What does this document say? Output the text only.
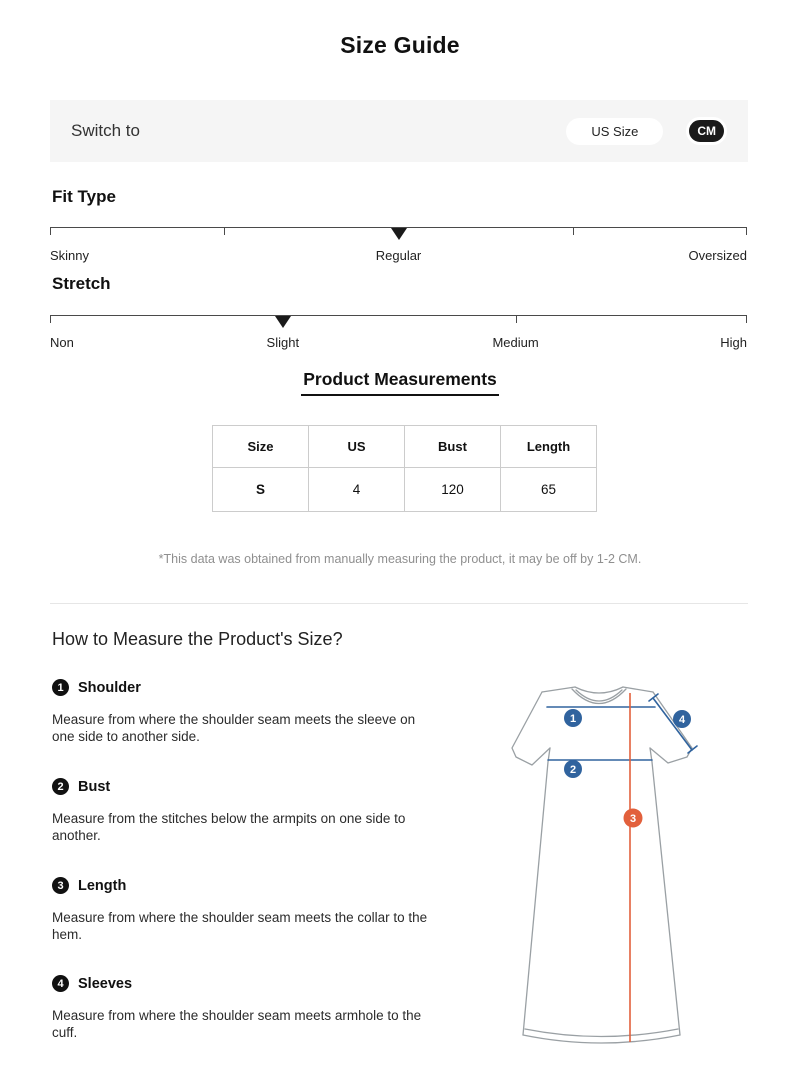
Size Guide
Switch to	US Size	CM
Fit Type
Skinny	Regular	Oversized
Stretch
Non	Slight	Medium	High
Product Measurements
Size	US	Bust	Length
S	4	120	65
*This data was obtained from manually measuring the product, it may be off by 1-2 CM.
How to Measure the Product's Size?
1 Shoulder
Measure from where the shoulder seam meets the sleeve on
one side to another side.
2 Bust
Measure from the stitches below the armpits on one side to
another.
3 Length
Measure from where the shoulder seam meets the collar to the
hem.
4 Sleeves
Measure from where the shoulder seam meets armhole to the
cuff.
1
2
3
4
